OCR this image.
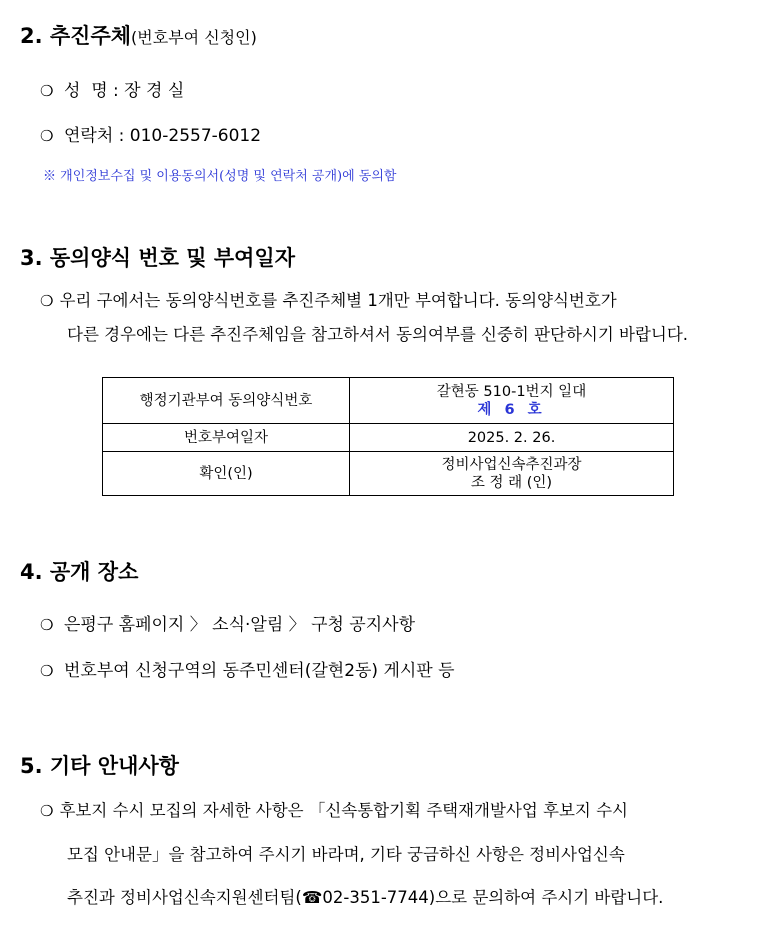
2. 추진주체(번호부여 신청인)
❍ 성  명 : 장 경 실
❍ 연락처 : 010-2557-6012
※ 개인정보수집 및 이용동의서(성명 및 연락처 공개)에 동의함
3. 동의양식 번호 및 부여일자
❍ 우리 구에서는 동의양식번호를 추진주체별 1개만 부여합니다. 동의양식번호가
다른 경우에는 다른 추진주체임을 참고하셔서 동의여부를 신중히 판단하시기 바랍니다.
행정기관부여 동의양식번호	갈현동 510-1번지 일대
제 6 호

번호부여일자	2025. 2. 26.
확인(인)	정비사업신속추진과장
조 정 래 (인)
4. 공개 장소
❍ 은평구 홈페이지 〉 소식·알림 〉 구청 공지사항
❍ 번호부여 신청구역의 동주민센터(갈현2동) 게시판 등
5. 기타 안내사항
❍ 후보지 수시 모집의 자세한 사항은 「신속통합기획 주택재개발사업 후보지 수시
모집 안내문」을 참고하여 주시기 바라며, 기타 궁금하신 사항은 정비사업신속
추진과 정비사업신속지원센터팀(☎02-351-7744)으로 문의하여 주시기 바랍니다.
